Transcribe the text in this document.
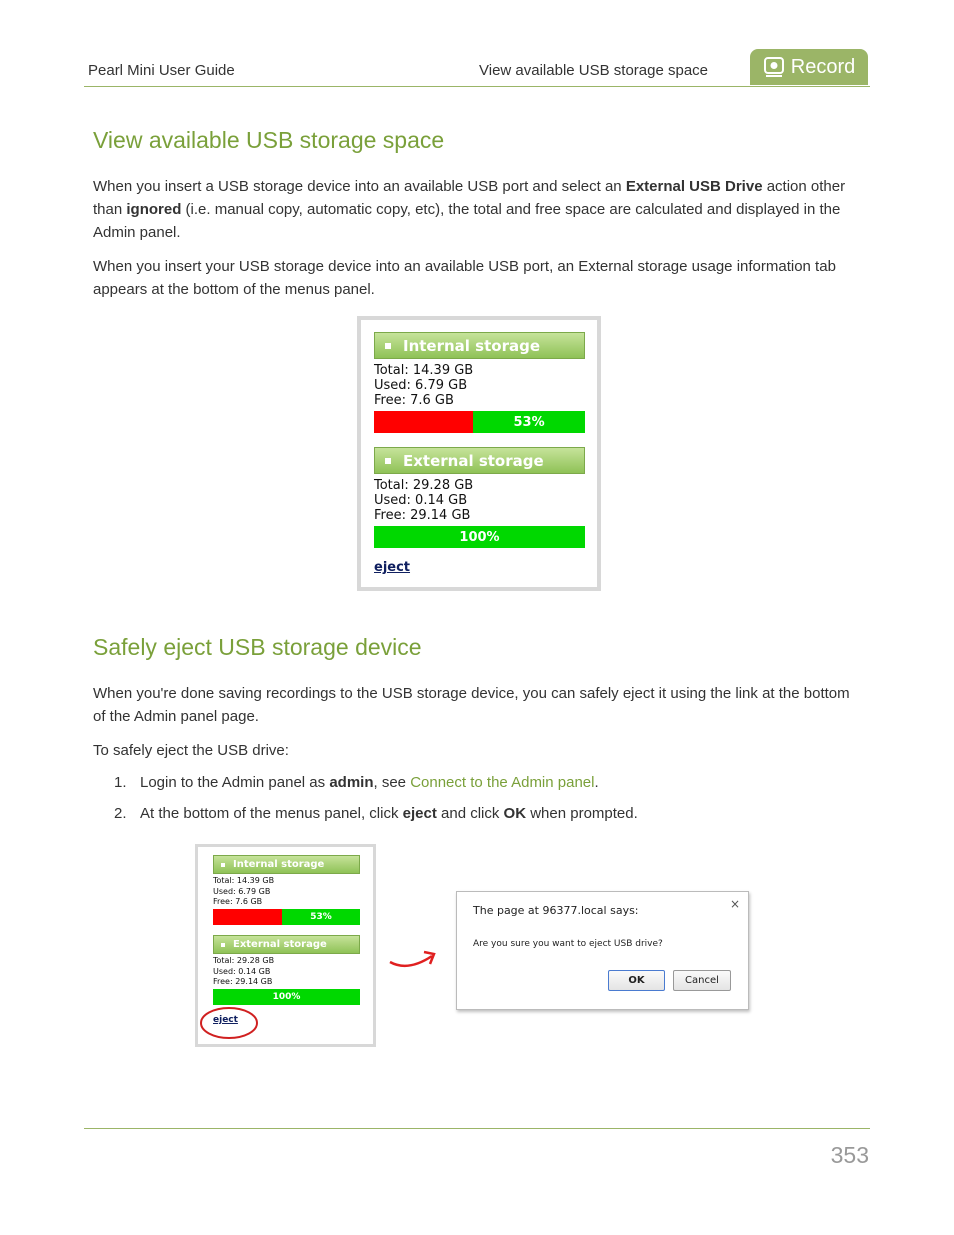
Pearl Mini User Guide	View available USB storage space	Record
View available USB storage space

When you insert a USB storage device into an available USB port and select an External USB Drive action other than ignored (i.e. manual copy, automatic copy, etc), the total and free space are calculated and displayed in the Admin panel.

When you insert your USB storage device into an available USB port, an External storage usage information tab appears at the bottom of the menus panel.

Internal storage
Total: 14.39 GB
Used: 6.79 GB
Free: 7.6 GB
53%
External storage
Total: 29.28 GB
Used: 0.14 GB
Free: 29.14 GB
100%
eject
Safely eject USB storage device

When you're done saving recordings to the USB storage device, you can safely eject it using the link at the bottom of the Admin panel page.

To safely eject the USB drive:

1. Login to the Admin panel as admin, see Connect to the Admin panel.
2. At the bottom of the menus panel, click eject and click OK when prompted.
Internal storage
Total: 14.39 GB
Used: 6.79 GB
Free: 7.6 GB
53%
External storage
Total: 29.28 GB
Used: 0.14 GB
Free: 29.14 GB
100%
eject
The page at 96377.local says:	×
Are you sure you want to eject USB drive?
OK	Cancel
353
